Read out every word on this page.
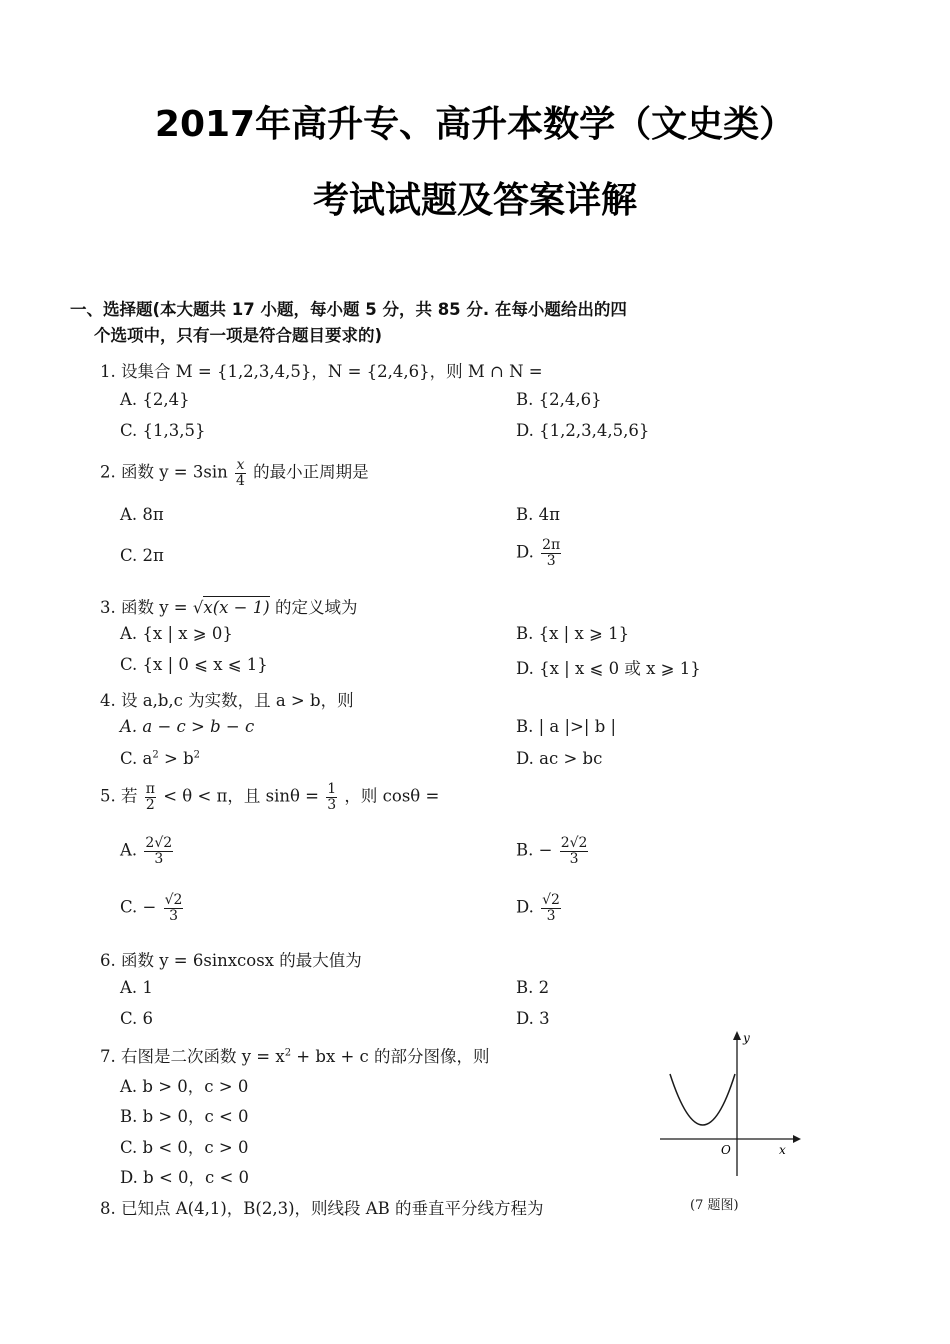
2017年高升专、高升本数学（文史类）
考试试题及答案详解
一、选择题(本大题共 17 小题，每小题 5 分，共 85 分. 在每小题给出的四
个选项中，只有一项是符合题目要求的)
1. 设集合 M = {1,2,3,4,5}，N = {2,4,6}，则 M ∩ N =
A. {2,4}	B. {2,4,6}
C. {1,3,5}	D. {1,2,3,4,5,6}
2. 函数 $y = 3\sin \frac{x}{4}$ 的最小正周期是
A. 8π	B. 4π
C. 2π	D. $\frac{2\pi}{3}$
3. 函数 y = √x(x − 1) 的定义域为
A. {x | x ⩾ 0}	B. {x | x ⩾ 1}
C. {x | 0 ⩽ x ⩽ 1}	D. {x | x ⩽ 0 或 x ⩾ 1}
4. 设 a,b,c 为实数，且 a > b，则
A. a − c > b − c	B. | a |>| b |
C. $a^2 > b^2$	D. ac > bc
5. 若 $\frac{\pi}{2} < \theta < \pi$，且 $\sin\theta = \frac{1}{3}$ ，则 cosθ =
A. $\frac{2√2}{3}$	B. − $\frac{2√2}{3}$
C. − $\frac{√2}{3}$	D. $\frac{√2}{3}$
6. 函数 y = 6sinxcosx 的最大值为
A. 1	B. 2
C. 6	D. 3
7. 右图是二次函数 $y = x^2$ + bx + c 的部分图像，则
A. b > 0，c > 0
B. b > 0，c < 0
C. b < 0，c > 0
D. b < 0，c < 0
y
x
O
(7 题图)
8. 已知点 A(4,1)，B(2,3)，则线段 AB 的垂直平分线方程为
